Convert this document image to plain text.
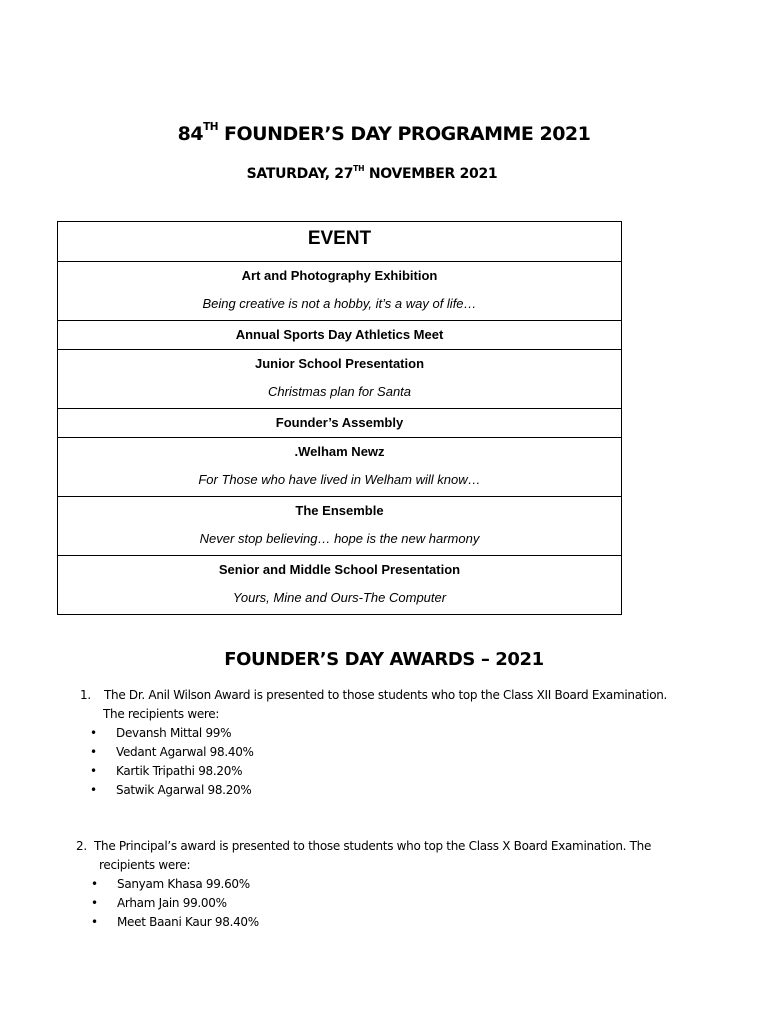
84TH FOUNDER’S DAY PROGRAMME 2021
SATURDAY, 27TH NOVEMBER 2021
EVENT

Art and Photography Exhibition
Being creative is not a hobby, it’s a way of life…

Annual Sports Day Athletics Meet

Junior School Presentation
Christmas plan for Santa

Founder’s Assembly

.Welham Newz
For Those who have lived in Welham will know…

The Ensemble
Never stop believing… hope is the new harmony

Senior and Middle School Presentation
Yours, Mine and Ours-The Computer
FOUNDER’S DAY AWARDS – 2021
1. The Dr. Anil Wilson Award is presented to those students who top the Class XII Board Examination.
The recipients were:
• Devansh Mittal 99%
• Vedant Agarwal 98.40%
• Kartik Tripathi 98.20%
• Satwik Agarwal 98.20%
2. The Principal’s award is presented to those students who top the Class X Board Examination. The
recipients were:
• Sanyam Khasa 99.60%
• Arham Jain 99.00%
• Meet Baani Kaur 98.40%
